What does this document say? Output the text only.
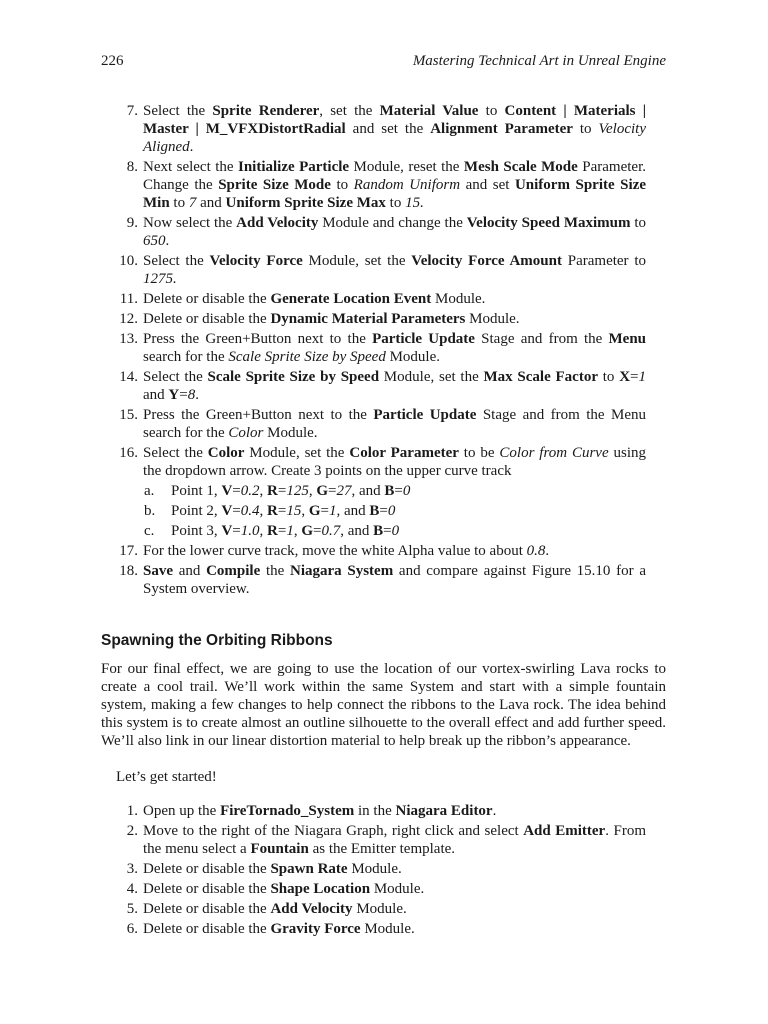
226	Mastering Technical Art in Unreal Engine
7. Select the Sprite Renderer, set the Material Value to Content | Materials | Master | M_VFXDistortRadial and set the Alignment Parameter to Velocity Aligned.
8. Next select the Initialize Particle Module, reset the Mesh Scale Mode Parameter. Change the Sprite Size Mode to Random Uniform and set Uniform Sprite Size Min to 7 and Uniform Sprite Size Max to 15.
9. Now select the Add Velocity Module and change the Velocity Speed Maximum to 650.
10. Select the Velocity Force Module, set the Velocity Force Amount Parameter to 1275.
11. Delete or disable the Generate Location Event Module.
12. Delete or disable the Dynamic Material Parameters Module.
13. Press the Green+Button next to the Particle Update Stage and from the Menu search for the Scale Sprite Size by Speed Module.
14. Select the Scale Sprite Size by Speed Module, set the Max Scale Factor to X=1 and Y=8.
15. Press the Green+Button next to the Particle Update Stage and from the Menu search for the Color Module.
16. Select the Color Module, set the Color Parameter to be Color from Curve using the dropdown arrow. Create 3 points on the upper curve track
a. Point 1, V=0.2, R=125, G=27, and B=0
b. Point 2, V=0.4, R=15, G=1, and B=0
c. Point 3, V=1.0, R=1, G=0.7, and B=0
17. For the lower curve track, move the white Alpha value to about 0.8.
18. Save and Compile the Niagara System and compare against Figure 15.10 for a System overview.
Spawning the Orbiting Ribbons

For our final effect, we are going to use the location of our vortex-swirling Lava rocks to create a cool trail. We’ll work within the same System and start with a simple fountain system, making a few changes to help connect the ribbons to the Lava rock. The idea behind this system is to create almost an outline silhouette to the overall effect and add further speed. We’ll also link in our linear distortion material to help break up the ribbon’s appearance.

Let’s get started!

1. Open up the FireTornado_System in the Niagara Editor.
2. Move to the right of the Niagara Graph, right click and select Add Emitter. From the menu select a Fountain as the Emitter template.
3. Delete or disable the Spawn Rate Module.
4. Delete or disable the Shape Location Module.
5. Delete or disable the Add Velocity Module.
6. Delete or disable the Gravity Force Module.
